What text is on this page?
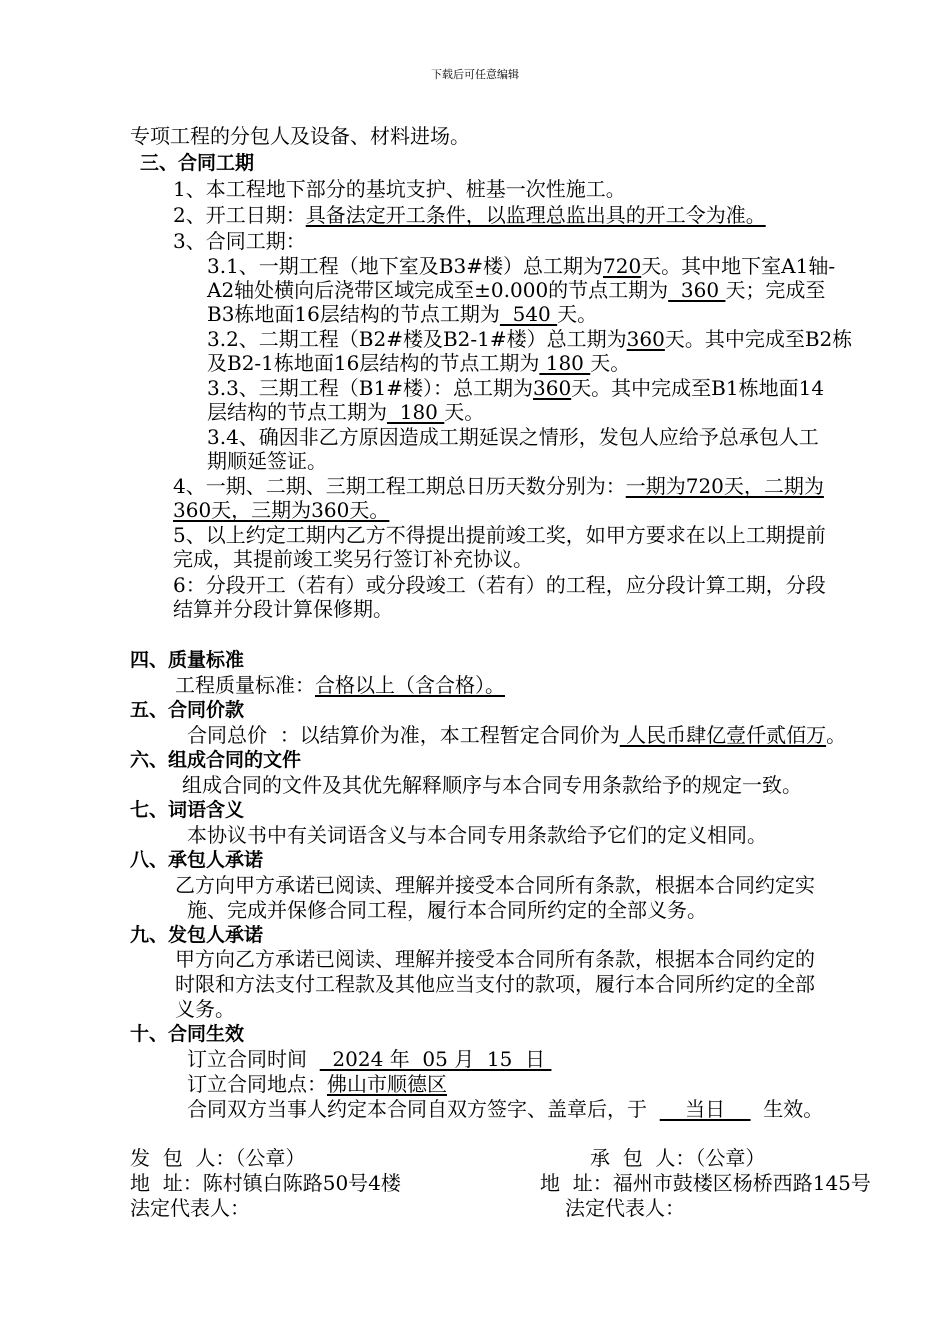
下载后可任意编辑
专项工程的分包人及设备、材料进场。
三、合同工期
1、本工程地下部分的基坑支护、桩基一次性施工。
2、开工日期：具备法定开工条件，以监理总监出具的开工令为准。
3、合同工期：
3.1、一期工程（地下室及B3#楼）总工期为720天。其中地下室A1轴-
A2轴处横向后浇带区域完成至±0.000的节点工期为  360 天；完成至
B3栋地面16层结构的节点工期为  540 天。
3.2、二期工程（B2#楼及B2-1#楼）总工期为360天。其中完成至B2栋
及B2-1栋地面16层结构的节点工期为 180 天。
3.3、三期工程（B1#楼）：总工期为360天。其中完成至B1栋地面14
层结构的节点工期为  180 天。
3.4、确因非乙方原因造成工期延误之情形，发包人应给予总承包人工
期顺延签证。
4、一期、二期、三期工程工期总日历天数分别为：一期为720天，二期为
360天，三期为360天。
5、以上约定工期内乙方不得提出提前竣工奖，如甲方要求在以上工期提前
完成，其提前竣工奖另行签订补充协议。
6：分段开工（若有）或分段竣工（若有）的工程，应分段计算工期，分段
结算并分段计算保修期。
四、质量标准
工程质量标准：合格以上（含合格）。
五、合同价款
合同总价  ：以结算价为准，本工程暂定合同价为 人民币肆亿壹仟贰佰万。
六、组成合同的文件
组成合同的文件及其优先解释顺序与本合同专用条款给予的规定一致。
七、词语含义
本协议书中有关词语含义与本合同专用条款给予它们的定义相同。
八、承包人承诺
乙方向甲方承诺已阅读、理解并接受本合同所有条款，根据本合同约定实
施、完成并保修合同工程，履行本合同所约定的全部义务。
九、发包人承诺
甲方向乙方承诺已阅读、理解并接受本合同所有条款，根据本合同约定的
时限和方法支付工程款及其他应当支付的款项，履行本合同所约定的全部
义务。
十、合同生效
订立合同时间    2024 年  05 月  15  日
订立合同地点：佛山市顺德区
合同双方当事人约定本合同自双方签字、盖章后，于      当日      生效。
发  包  人：（公章）	承  包  人：（公章）
地  址：陈村镇白陈路50号4楼	地  址：福州市鼓楼区杨桥西路145号
法定代表人：	法定代表人：
